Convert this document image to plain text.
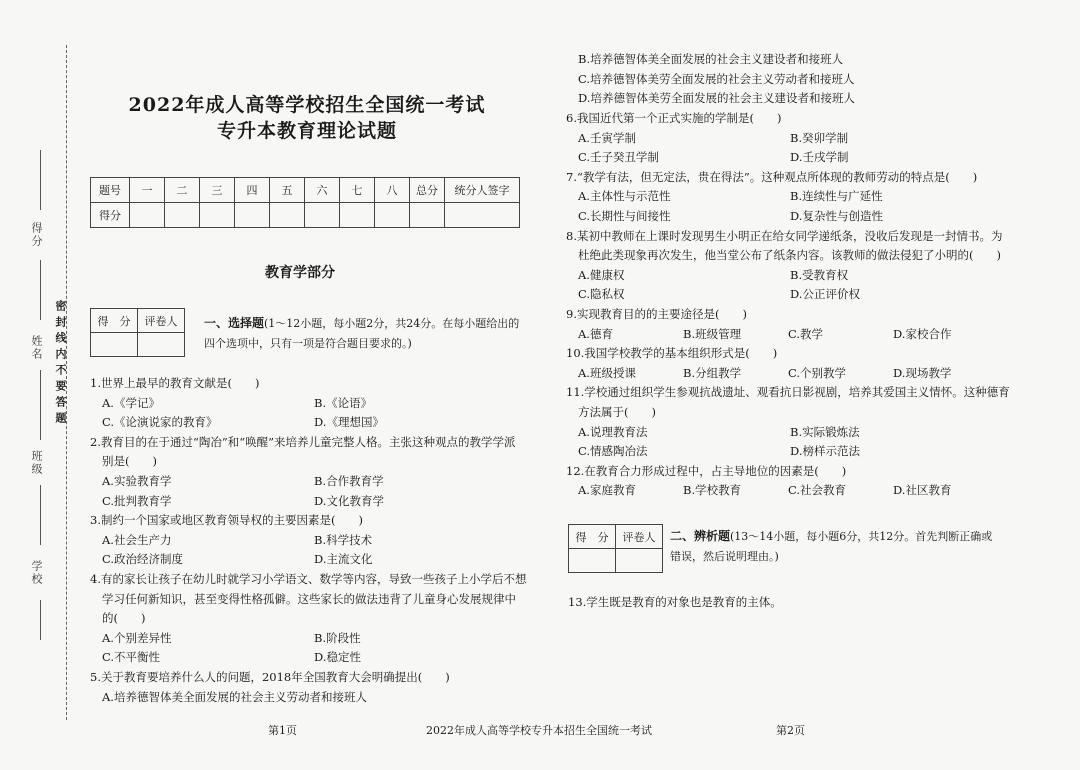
得分
姓名
班级
学校
密封线内不要答题
2022年成人高等学校招生全国统一考试
专升本教育理论试题
题号	一	二	三	四	五	六	七	八	总分	统分人签字
得分										
教育学部分
得　分	评卷人
	一、选择题(1～12小题，每小题2分，共24分。在每小题给出的
四个选项中，只有一项是符合题目要求的。)
1.世界上最早的教育文献是(　　)
A.《学记》	B.《论语》
C.《论演说家的教育》	D.《理想国》
2.教育目的在于通过“陶冶”和“唤醒”来培养儿童完整人格。主张这种观点的教学学派
别是(　　)
A.实验教育学	B.合作教育学
C.批判教育学	D.文化教育学
3.制约一个国家或地区教育领导权的主要因素是(　　)
A.社会生产力	B.科学技术
C.政治经济制度	D.主流文化
4.有的家长让孩子在幼儿时就学习小学语文、数学等内容，导致一些孩子上小学后不想
学习任何新知识，甚至变得性格孤僻。这些家长的做法违背了儿童身心发展规律中
的(　　)
A.个别差异性	B.阶段性
C.不平衡性	D.稳定性
5.关于教育要培养什么人的问题，2018年全国教育大会明确提出(　　)
A.培养德智体美全面发展的社会主义劳动者和接班人
B.培养德智体美全面发展的社会主义建设者和接班人
C.培养德智体美劳全面发展的社会主义劳动者和接班人
D.培养德智体美劳全面发展的社会主义建设者和接班人
6.我国近代第一个正式实施的学制是(　　)
A.壬寅学制	B.癸卯学制
C.壬子癸丑学制	D.壬戌学制
7.“教学有法，但无定法，贵在得法”。这种观点所体现的教师劳动的特点是(　　)
A.主体性与示范性	B.连续性与广延性
C.长期性与间接性	D.复杂性与创造性
8.某初中教师在上课时发现男生小明正在给女同学递纸条，没收后发现是一封情书。为
杜绝此类现象再次发生，他当堂公布了纸条内容。该教师的做法侵犯了小明的(　　)
A.健康权	B.受教育权
C.隐私权	D.公正评价权
9.实现教育目的的主要途径是(　　)
A.德育	B.班级管理	C.教学	D.家校合作
10.我国学校教学的基本组织形式是(　　)
A.班级授课	B.分组教学	C.个别教学	D.现场教学
11.学校通过组织学生参观抗战遗址、观看抗日影视剧，培养其爱国主义情怀。这种德育
方法属于(　　)
A.说理教育法	B.实际锻炼法
C.情感陶冶法	D.榜样示范法
12.在教育合力形成过程中，占主导地位的因素是(　　)
A.家庭教育	B.学校教育	C.社会教育	D.社区教育
得　分	评卷人
	二、辨析题(13～14小题，每小题6分，共12分。首先判断正确或
错误，然后说明理由。)
13.学生既是教育的对象也是教育的主体。
第1页	2022年成人高等学校专升本招生全国统一考试	第2页
